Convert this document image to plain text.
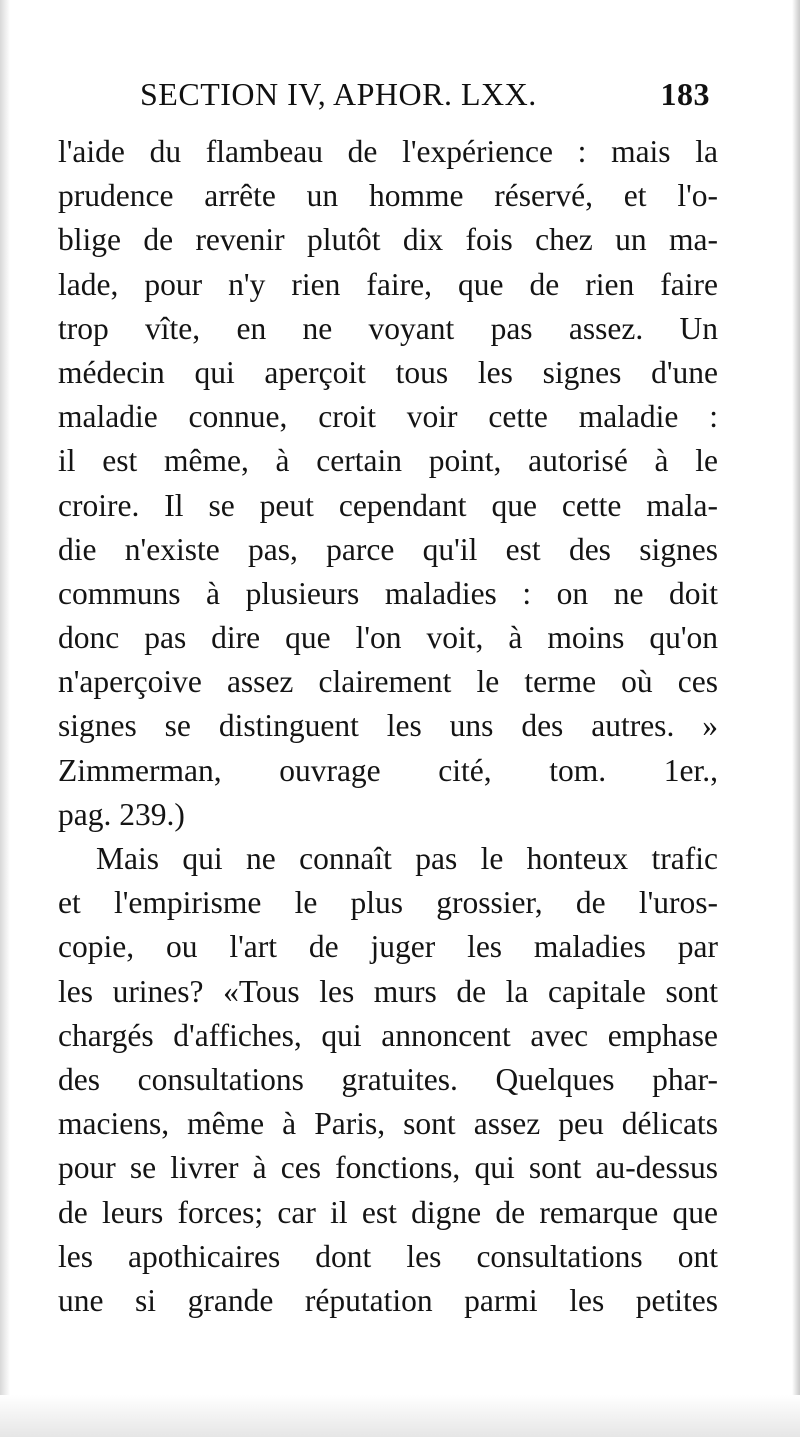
SECTION IV, APHOR. LXX.	183
l'aide du flambeau de l'expérience : mais la
prudence arrête un homme réservé, et l'o-
blige de revenir plutôt dix fois chez un ma-
lade, pour n'y rien faire, que de rien faire
trop vîte, en ne voyant pas assez. Un
médecin qui aperçoit tous les signes d'une
maladie connue, croit voir cette maladie :
il est même, à certain point, autorisé à le
croire. Il se peut cependant que cette mala-
die n'existe pas, parce qu'il est des signes
communs à plusieurs maladies : on ne doit
donc pas dire que l'on voit, à moins qu'on
n'aperçoive assez clairement le terme où ces
signes se distinguent les uns des autres. »
Zimmerman, ouvrage cité, tom. 1er.,
pag. 239.)
Mais qui ne connaît pas le honteux trafic
et l'empirisme le plus grossier, de l'uros-
copie, ou l'art de juger les maladies par
les urines? «Tous les murs de la capitale sont
chargés d'affiches, qui annoncent avec emphase
des consultations gratuites. Quelques phar-
maciens, même à Paris, sont assez peu délicats
pour se livrer à ces fonctions, qui sont au-dessus
de leurs forces; car il est digne de remarque que
les apothicaires dont les consultations ont
une si grande réputation parmi les petites
